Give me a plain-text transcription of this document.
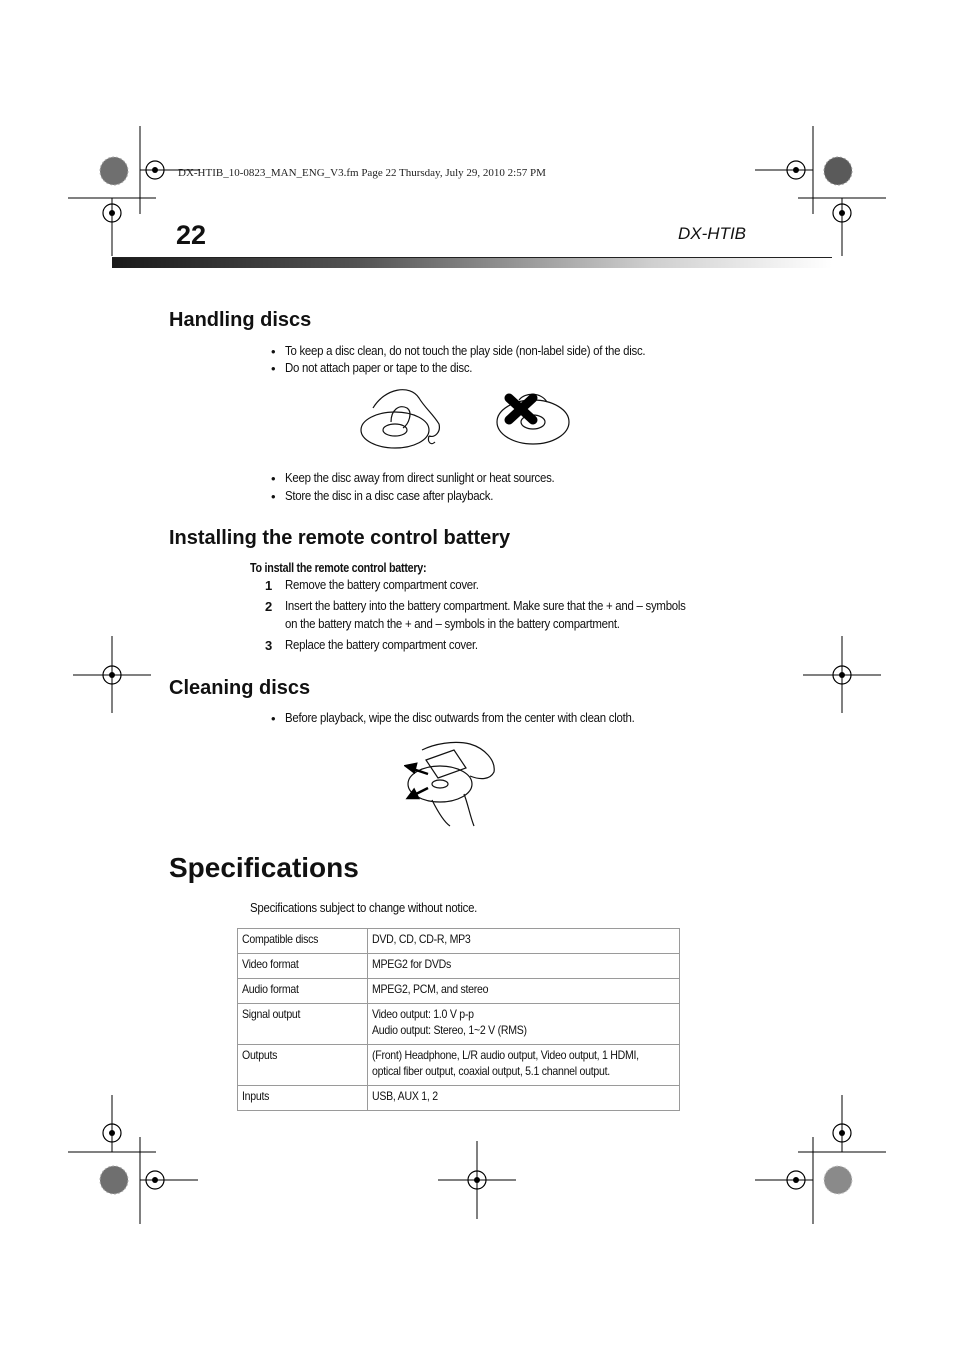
DX-HTIB_10-0823_MAN_ENG_V3.fm Page 22 Thursday, July 29, 2010 2:57 PM
22	DX-HTIB
Handling discs
• To keep a disc clean, do not touch the play side (non-label side) of the disc.
• Do not attach paper or tape to the disc.
• Keep the disc away from direct sunlight or heat sources.
• Store the disc in a disc case after playback.
Installing the remote control battery
To install the remote control battery:
1 Remove the battery compartment cover.
2 Insert the battery into the battery compartment. Make sure that the + and – symbols
on the battery match the + and – symbols in the battery compartment.
3 Replace the battery compartment cover.
Cleaning discs
• Before playback, wipe the disc outwards from the center with clean cloth.
Specifications
Specifications subject to change without notice.
Compatible discs	DVD, CD, CD-R, MP3
Video format	MPEG2 for DVDs
Audio format	MPEG2, PCM, and stereo
Signal output	Video output: 1.0 V p-p
Audio output: Stereo, 1~2 V (RMS)
Outputs	(Front) Headphone, L/R audio output, Video output, 1 HDMI,
optical fiber output, coaxial output, 5.1 channel output.
Inputs	USB, AUX 1, 2
